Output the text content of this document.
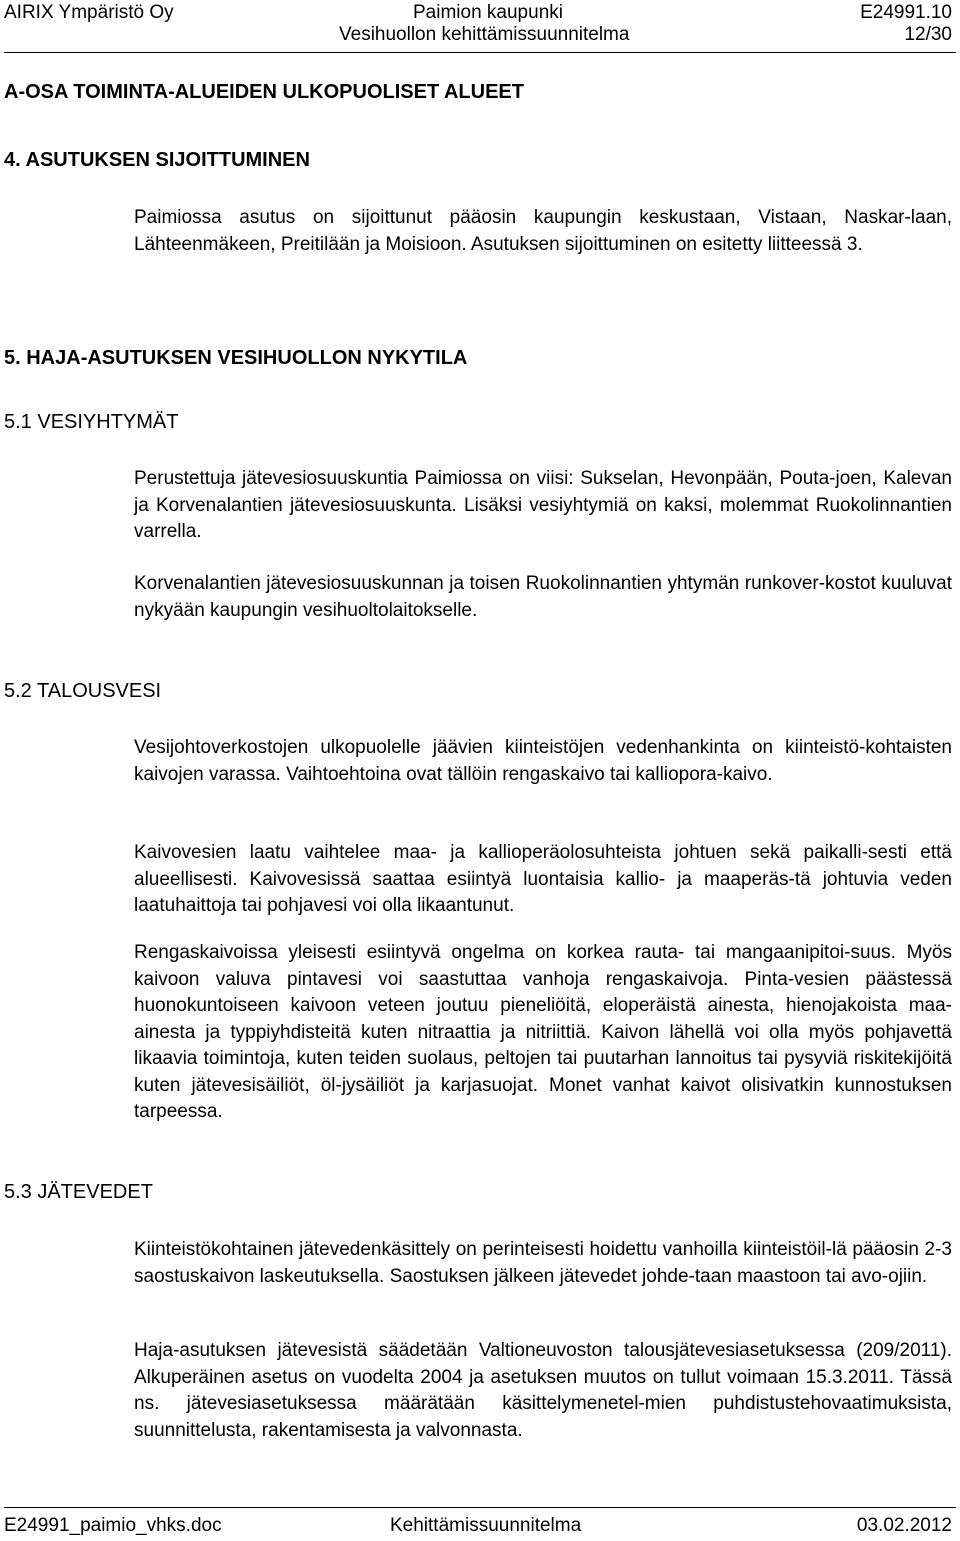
AIRIX Ympäristö Oy	Paimion kaupunki	E24991.10
Vesihuollon kehittämissuunnitelma	12/30
A-OSA TOIMINTA-ALUEIDEN ULKOPUOLISET ALUEET
4. ASUTUKSEN SIJOITTUMINEN

Paimiossa asutus on sijoittunut pääosin kaupungin keskustaan, Vistaan, Naskar-laan, Lähteenmäkeen, Preitilään ja Moisioon. Asutuksen sijoittuminen on esitetty liitteessä 3.

5. HAJA-ASUTUKSEN VESIHUOLLON NYKYTILA
5.1 VESIYHTYMÄT

Perustettuja jätevesiosuuskuntia Paimiossa on viisi: Sukselan, Hevonpään, Pouta-joen, Kalevan ja Korvenalantien jätevesiosuuskunta. Lisäksi vesiyhtymiä on kaksi, molemmat Ruokolinnantien varrella.

Korvenalantien jätevesiosuuskunnan ja toisen Ruokolinnantien yhtymän runkover-kostot kuuluvat nykyään kaupungin vesihuoltolaitokselle.

5.2 TALOUSVESI

Vesijohtoverkostojen ulkopuolelle jäävien kiinteistöjen vedenhankinta on kiinteistö-kohtaisten kaivojen varassa. Vaihtoehtoina ovat tällöin rengaskaivo tai kalliopora-kaivo.

Kaivovesien laatu vaihtelee maa- ja kallioperäolosuhteista johtuen sekä paikalli-sesti että alueellisesti. Kaivovesissä saattaa esiintyä luontaisia kallio- ja maaperäs-tä johtuvia veden laatuhaittoja tai pohjavesi voi olla likaantunut.

Rengaskaivoissa yleisesti esiintyvä ongelma on korkea rauta- tai mangaanipitoi-suus. Myös kaivoon valuva pintavesi voi saastuttaa vanhoja rengaskaivoja. Pinta-vesien päästessä huonokuntoiseen kaivoon veteen joutuu pieneliöitä, eloperäistä ainesta, hienojakoista maa-ainesta ja typpiyhdisteitä kuten nitraattia ja nitriittiä. Kaivon lähellä voi olla myös pohjavettä likaavia toimintoja, kuten teiden suolaus, peltojen tai puutarhan lannoitus tai pysyviä riskitekijöitä kuten jätevesisäiliöt, öl-jysäiliöt ja karjasuojat. Monet vanhat kaivot olisivatkin kunnostuksen tarpeessa.

5.3 JÄTEVEDET

Kiinteistökohtainen jätevedenkäsittely on perinteisesti hoidettu vanhoilla kiinteistöil-lä pääosin 2-3 saostuskaivon laskeutuksella. Saostuksen jälkeen jätevedet johde-taan maastoon tai avo-ojiin.

Haja-asutuksen jätevesistä säädetään Valtioneuvoston talousjätevesiasetuksessa (209/2011). Alkuperäinen asetus on vuodelta 2004 ja asetuksen muutos on tullut voimaan 15.3.2011. Tässä ns. jätevesiasetuksessa määrätään käsittelymenetel-mien puhdistustehovaatimuksista, suunnittelusta, rakentamisesta ja valvonnasta.

E24991_paimio_vhks.doc	Kehittämissuunnitelma	03.02.2012
